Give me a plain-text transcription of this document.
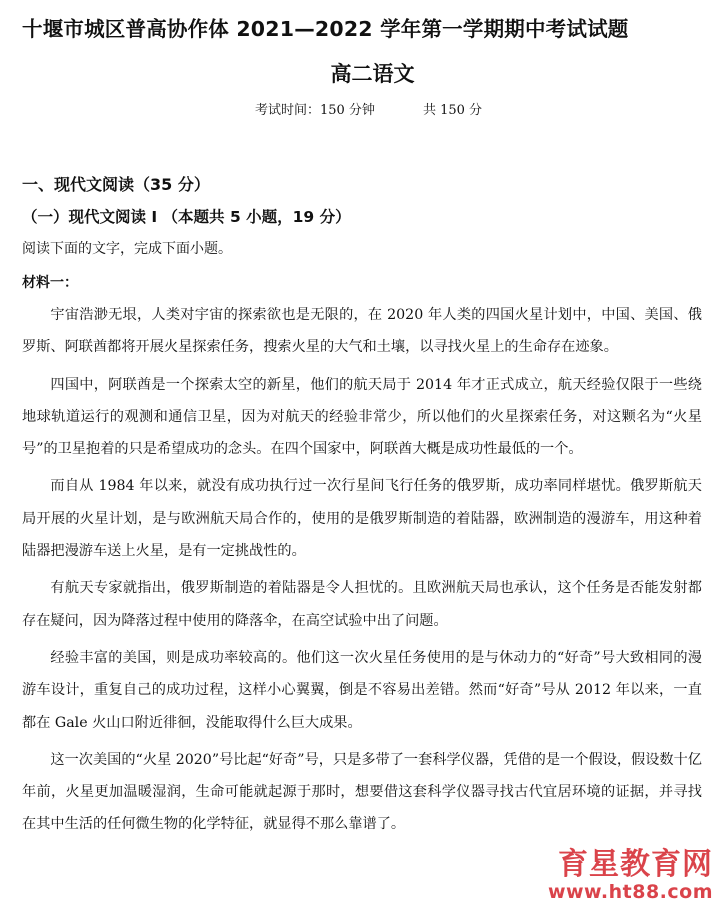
十堰市城区普高协作体 2021—2022 学年第一学期期中考试试题
高二语文
考试时间：150 分钟	共 150 分
一、现代文阅读（35 分）
（一）现代文阅读 I （本题共 5 小题，19 分）
阅读下面的文字，完成下面小题。
材料一：

宇宙浩渺无垠，人类对宇宙的探索欲也是无限的，在 2020 年人类的四国火星计划中，中国、美国、俄罗斯、阿联酋都将开展火星探索任务，搜索火星的大气和土壤，以寻找火星上的生命存在迹象。

四国中，阿联酋是一个探索太空的新星，他们的航天局于 2014 年才正式成立，航天经验仅限于一些绕地球轨道运行的观测和通信卫星，因为对航天的经验非常少，所以他们的火星探索任务，对这颗名为“火星号”的卫星抱着的只是希望成功的念头。在四个国家中，阿联酋大概是成功性最低的一个。

而自从 1984 年以来，就没有成功执行过一次行星间飞行任务的俄罗斯，成功率同样堪忧。俄罗斯航天局开展的火星计划，是与欧洲航天局合作的，使用的是俄罗斯制造的着陆器，欧洲制造的漫游车，用这种着陆器把漫游车送上火星，是有一定挑战性的。

有航天专家就指出，俄罗斯制造的着陆器是令人担忧的。且欧洲航天局也承认，这个任务是否能发射都存在疑问，因为降落过程中使用的降落伞，在高空试验中出了问题。

经验丰富的美国，则是成功率较高的。他们这一次火星任务使用的是与休动力的“好奇”号大致相同的漫游车设计，重复自己的成功过程，这样小心翼翼，倒是不容易出差错。然而“好奇”号从 2012 年以来，一直都在 Gale 火山口附近徘徊，没能取得什么巨大成果。

这一次美国的“火星 2020”号比起“好奇”号，只是多带了一套科学仪器，凭借的是一个假设，假设数十亿年前，火星更加温暖湿润，生命可能就起源于那时，想要借这套科学仪器寻找古代宜居环境的证据，并寻找在其中生活的任何微生物的化学特征，就显得不那么靠谱了。

育星教育网
www.ht88.com
